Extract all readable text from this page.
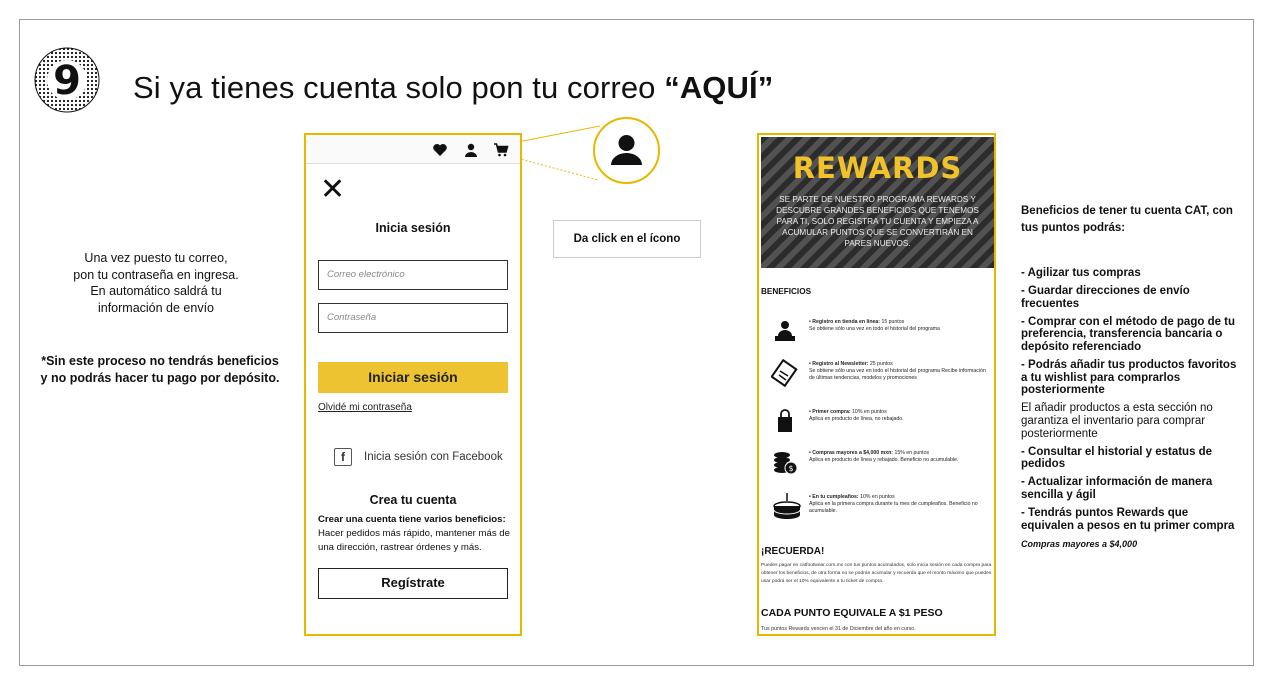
9 Si ya tienes cuenta solo pon tu correo “AQUÍ”
Una vez puesto tu correo,
pon tu contraseña en ingresa.
En automático saldrá tu
información de envío
*Sin este proceso no tendrás beneficios
y no podrás hacer tu pago por depósito.
✕
Inicia sesión
Correo electrónico
Contraseña
Iniciar sesión
Olvidé mi contraseña
f	Inicia sesión con Facebook
Crea tu cuenta
Crear una cuenta tiene varios beneficios:
Hacer pedidos más rápido, mantener más de una dirección, rastrear órdenes y más.
Regístrate
Da click en el ícono
REWARDS
SE PARTE DE NUESTRO PROGRAMA REWARDS Y DESCUBRE GRANDES BENEFICIOS QUE TENEMOS PARA TI, SOLO REGISTRA TU CUENTA Y EMPIEZA A ACUMULAR PUNTOS QUE SE CONVERTIRÁN EN PARES NUEVOS.
BENEFICIOS
• Registro en tienda en línea: 15 puntos
Se obtiene sólo una vez en todo el historial del programa
• Registro al Newsletter: 25 puntos
Se obtiene sólo una vez en todo el historial del programa Recibe información de últimas tendencias, modelos y promociones
• Primer compra: 10% en puntos
Aplica en producto de línea, no rebajado.
$
• Compras mayores a $4,000 mxn: 15% en puntos
Aplica en producto de línea y rebajado. Beneficio no acumulable.
• En tu cumpleaños: 10% en puntos
Aplica en la primera compra durante tu mes de cumpleaños. Beneficio no acumulable.
¡RECUERDA!
Puedes pagar en catfootwear.com.mx con tus puntos acumulados, solo inicia sesión en cada compra para obtener los beneficios, de otra forma no se podrán acumular y recuerda que el monto máximo que puedes usar podrá ser el 10% equivalente a tu ticket de compra.
CADA PUNTO EQUIVALE A $1 PESO
Tus puntos Rewards vencen el 31 de Diciembre del año en curso.
Beneficios de tener tu cuenta CAT, con tus puntos podrás:
- Agilizar tus compras
- Guardar direcciones de envío frecuentes
- Comprar con el método de pago de tu preferencia, transferencia bancaria o depósito referenciado
- Podrás añadir tus productos favoritos a tu wishlist para comprarlos posteriormente
El añadir productos a esta sección no garantiza el inventario para comprar posteriormente
- Consultar el historial y estatus de pedidos
- Actualizar información de manera sencilla y ágil
- Tendrás puntos Rewards que equivalen a pesos en tu primer compra
Compras mayores a $4,000
